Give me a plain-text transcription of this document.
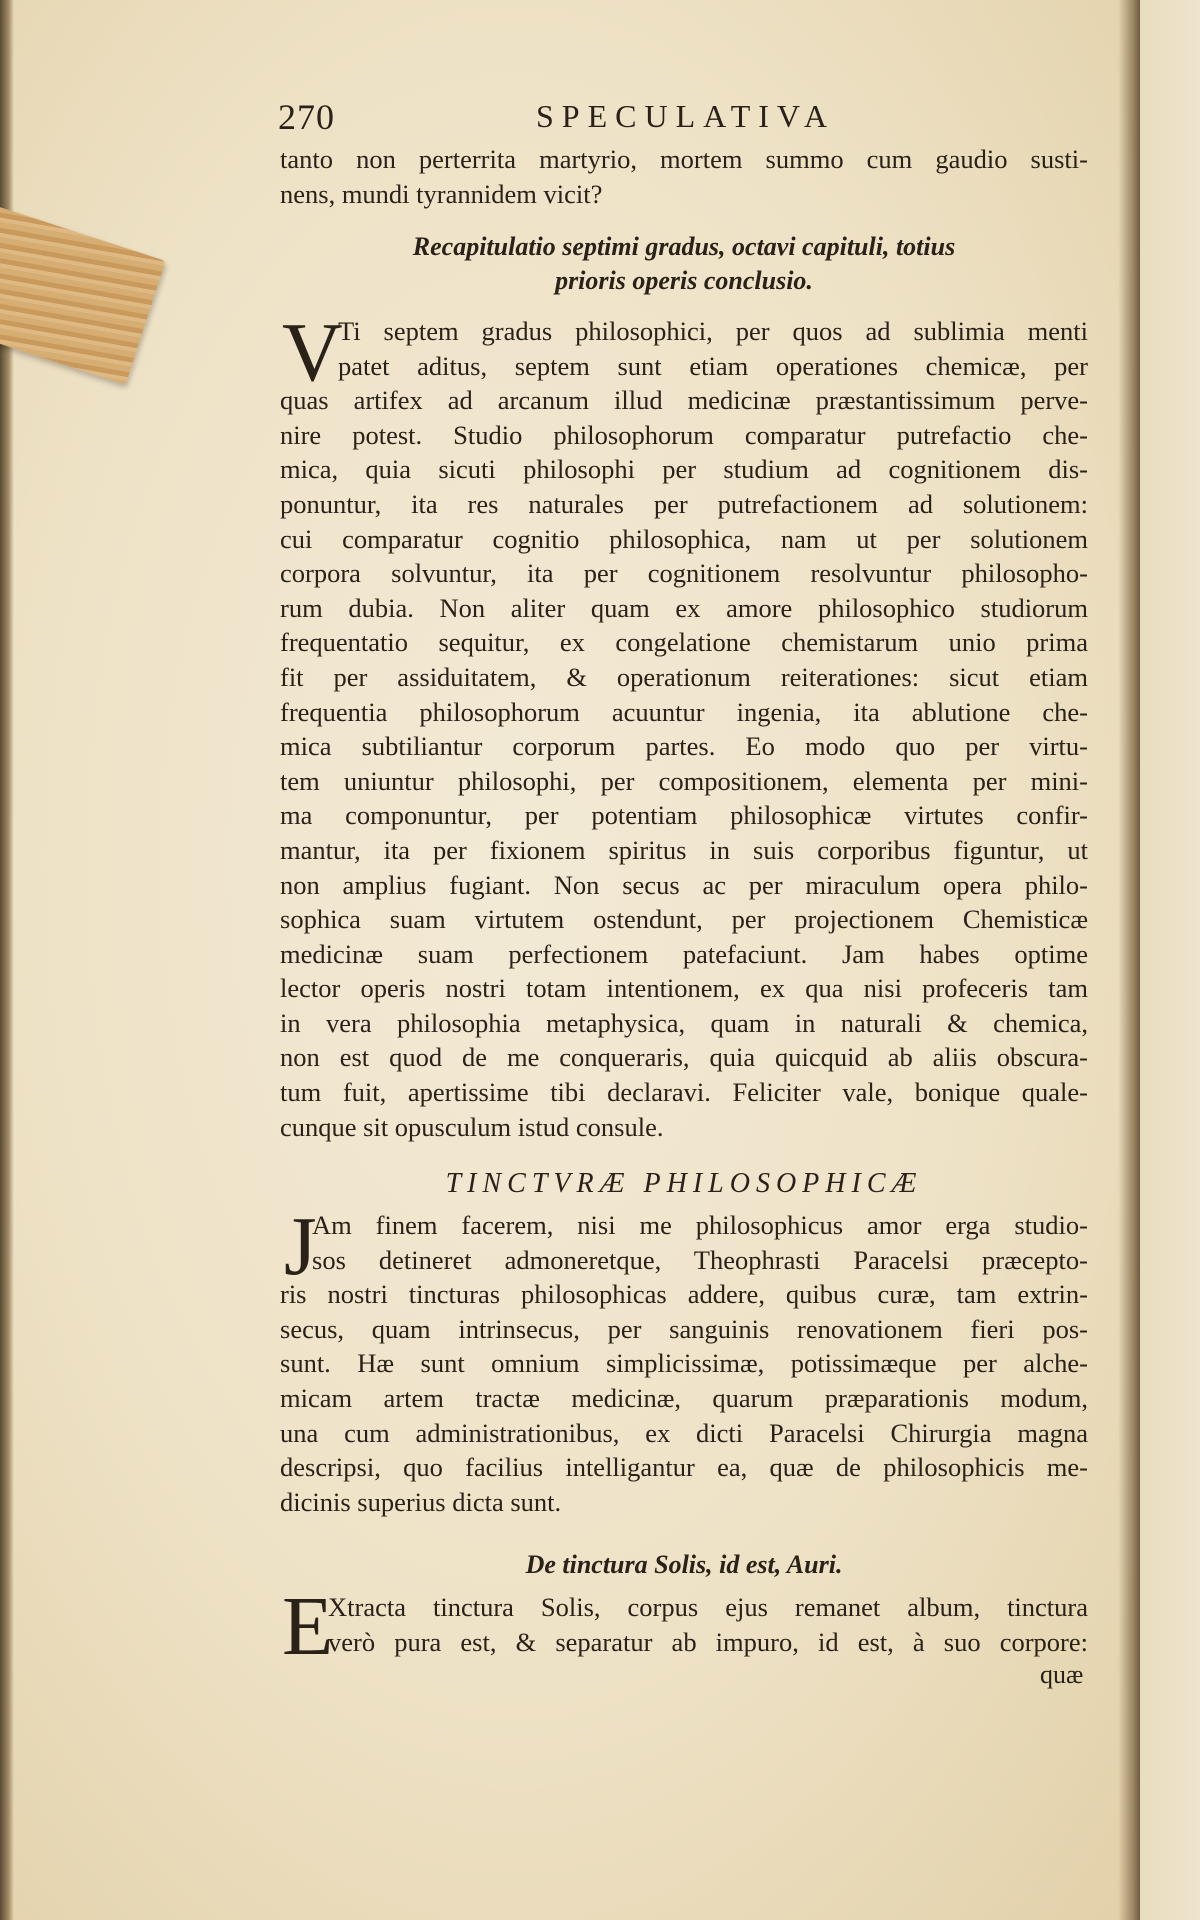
270	SPECULATIVA
tanto non perterrita martyrio, mortem summo cum gaudio susti-
nens, mundi tyrannidem vicit?
Recapitulatio septimi gradus, octavi capituli, totius
prioris operis conclusio.
V
Ti septem gradus philosophici, per quos ad sublimia menti
patet aditus, septem sunt etiam operationes chemicæ, per
quas artifex ad arcanum illud medicinæ præstantissimum perve-
nire potest. Studio philosophorum comparatur putrefactio che-
mica, quia sicuti philosophi per studium ad cognitionem dis-
ponuntur, ita res naturales per putrefactionem ad solutionem:
cui comparatur cognitio philosophica, nam ut per solutionem
corpora solvuntur, ita per cognitionem resolvuntur philosopho-
rum dubia. Non aliter quam ex amore philosophico studiorum
frequentatio sequitur, ex congelatione chemistarum unio prima
fit per assiduitatem, & operationum reiterationes: sicut etiam
frequentia philosophorum acuuntur ingenia, ita ablutione che-
mica subtiliantur corporum partes. Eo modo quo per virtu-
tem uniuntur philosophi, per compositionem, elementa per mini-
ma componuntur, per potentiam philosophicæ virtutes confir-
mantur, ita per fixionem spiritus in suis corporibus figuntur, ut
non amplius fugiant. Non secus ac per miraculum opera philo-
sophica suam virtutem ostendunt, per projectionem Chemisticæ
medicinæ suam perfectionem patefaciunt. Jam habes optime
lector operis nostri totam intentionem, ex qua nisi profeceris tam
in vera philosophia metaphysica, quam in naturali & chemica,
non est quod de me conqueraris, quia quicquid ab aliis obscura-
tum fuit, apertissime tibi declaravi. Feliciter vale, bonique quale-
cunque sit opusculum istud consule.
TINCTVRÆ PHILOSOPHICÆ
J
Am finem facerem, nisi me philosophicus amor erga studio-
sos detineret admoneretque, Theophrasti Paracelsi præcepto-
ris nostri tincturas philosophicas addere, quibus curæ, tam extrin-
secus, quam intrinsecus, per sanguinis renovationem fieri pos-
sunt. Hæ sunt omnium simplicissimæ, potissimæque per alche-
micam artem tractæ medicinæ, quarum præparationis modum,
una cum administrationibus, ex dicti Paracelsi Chirurgia magna
descripsi, quo facilius intelligantur ea, quæ de philosophicis me-
dicinis superius dicta sunt.
De tinctura Solis, id est, Auri.
E
Xtracta tinctura Solis, corpus ejus remanet album, tinctura
verò pura est, & separatur ab impuro, id est, à suo corpore:
quæ
